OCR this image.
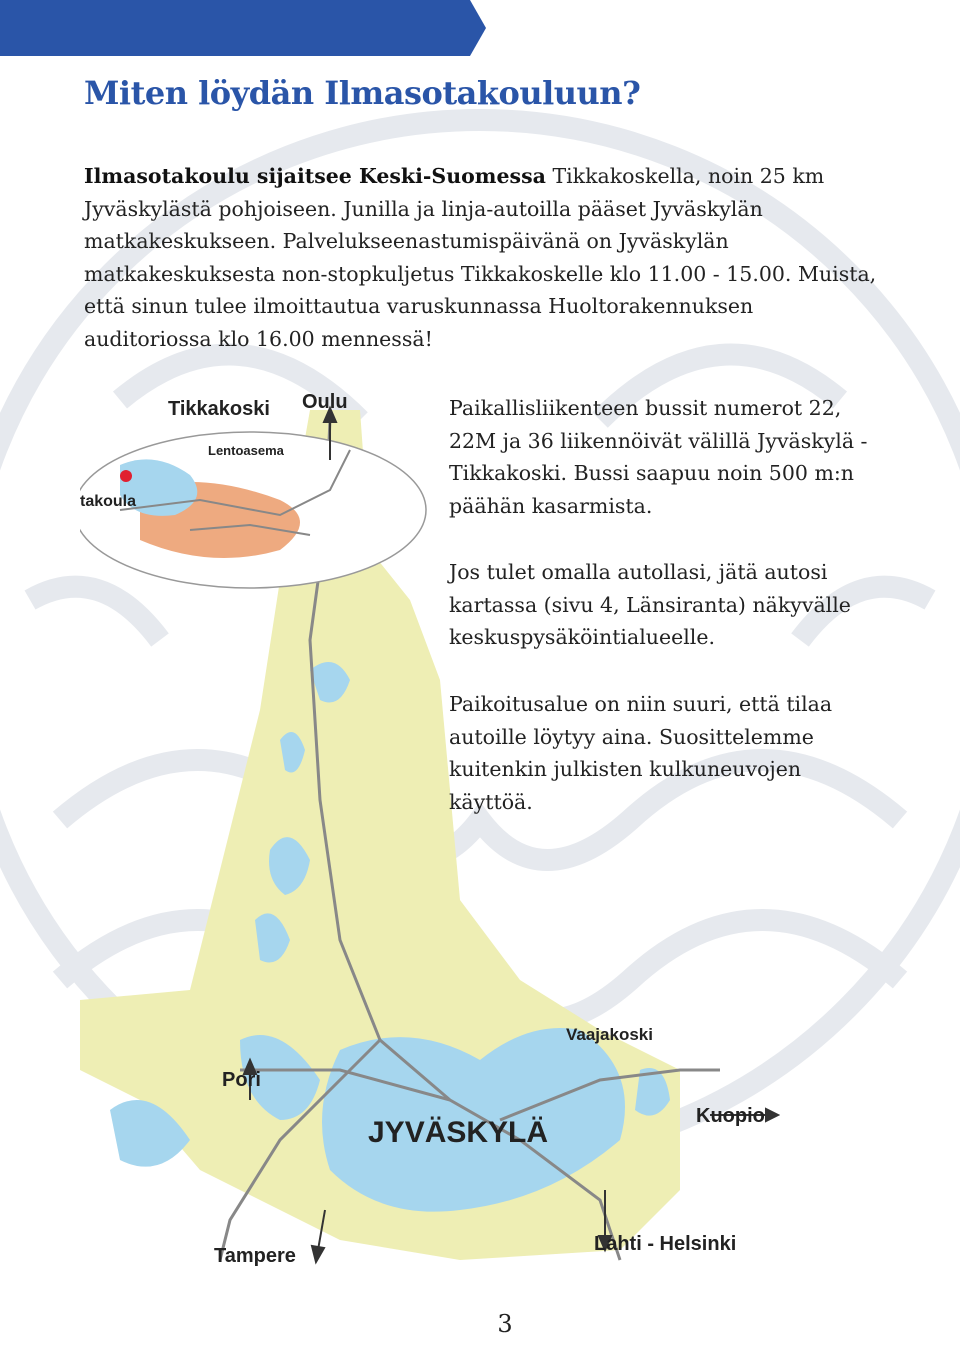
Miten löydän Ilmasotakouluun?

Ilmasotakoulu sijaitsee Keski-Suomessa Tikkakoskella, noin 25 km Jyväskylästä pohjoiseen. Junilla ja linja-autoilla pääset Jyväskylän matkakeskukseen. Palvelukseenastumispäivänä on Jyväskylän matkakeskuksesta non-stopkuljetus Tikkakoskelle klo 11.00 - 15.00. Muista, että sinun tulee ilmoittautua varuskunnassa Huoltorakennuksen auditoriossa klo 16.00 mennessä!

Tikkakoski Oulu
Lentoasema
takoula
Vaajakoski
Pori
Kuopio
JYVÄSKYLÄ
Tampere
Lahti - Helsinki

Paikallisliikenteen bussit numerot 22, 22M ja 36 liikennöivät välillä Jyväskylä - Tikkakoski. Bussi saapuu noin 500 m:n päähän kasarmista.

Jos tulet omalla autollasi, jätä autosi kartassa (sivu 4, Länsiranta) näkyvälle keskuspysäköintialueelle.

Paikoitusalue on niin suuri, että tilaa autoille löytyy aina. Suosittelemme kuitenkin julkisten kulkuneuvojen käyttöä.

3
